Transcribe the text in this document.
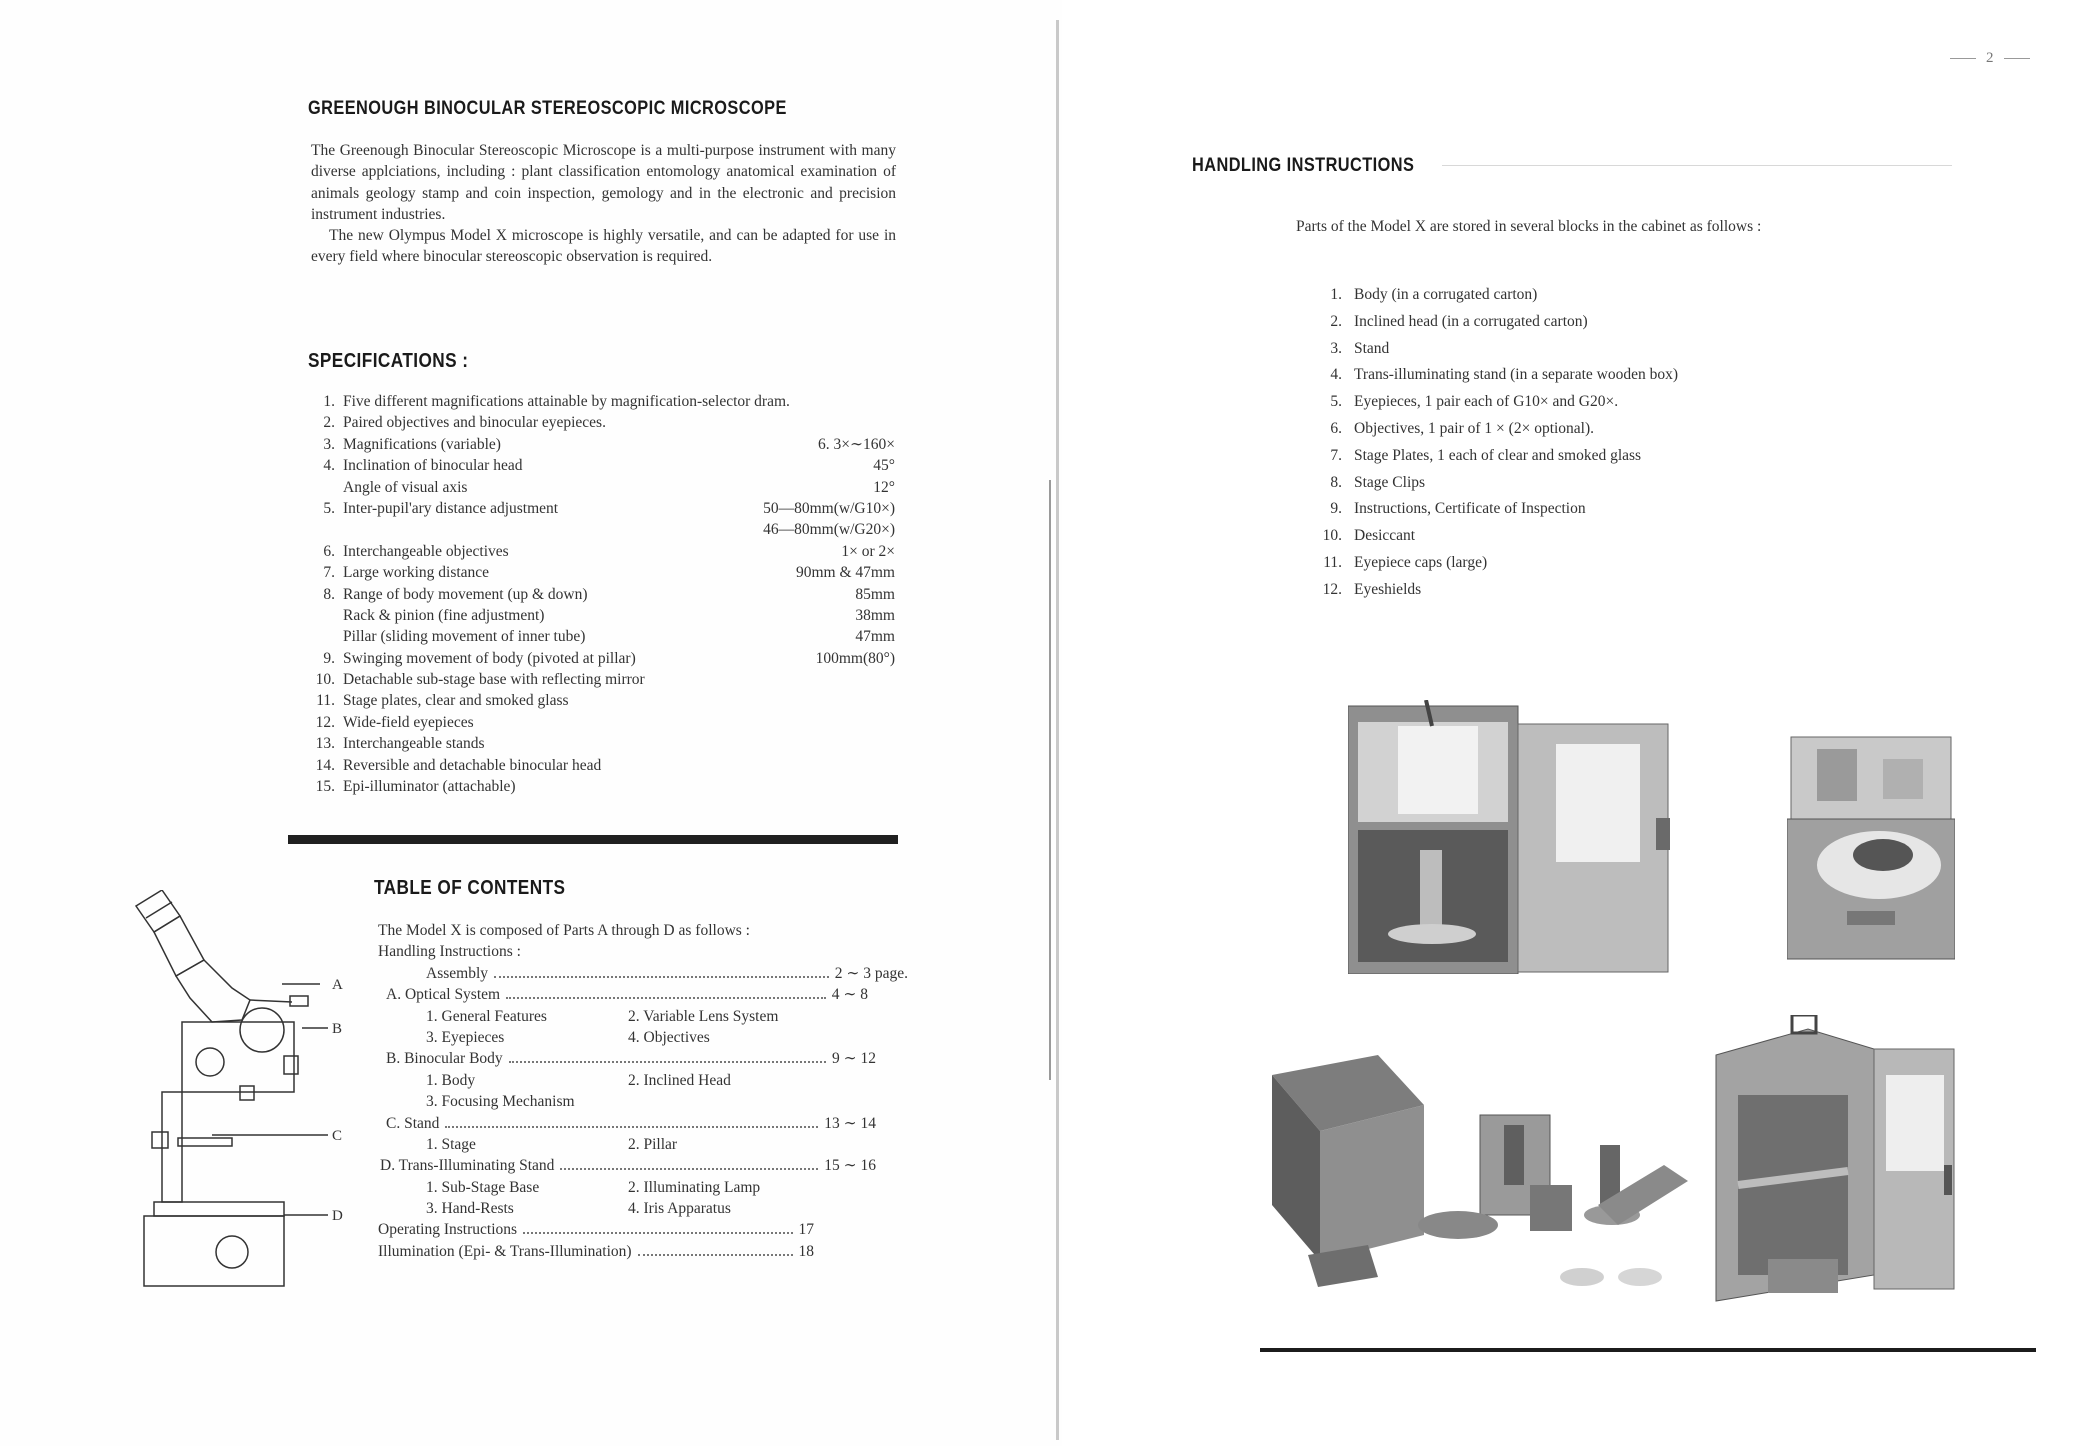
GREENOUGH BINOCULAR STEREOSCOPIC MICROSCOPE

The Greenough Binocular Stereoscopic Microscope is a multi-purpose instrument with many diverse applciations, including : plant classification entomology anatomical examination of animals geology stamp and coin inspection, gemology and in the electronic and precision instrument industries.

The new Olympus Model X microscope is highly versatile, and can be adapted for use in every field where binocular stereoscopic observation is required.

SPECIFICATIONS :
1. Five different magnifications attainable by magnification-selector dram.
2. Paired objectives and binocular eyepieces.
3. Magnifications (variable)	6. 3×∼160×
4. Inclination of binocular head	45°
Angle of visual axis	12°
5. Inter-pupil'ary distance adjustment	50—80mm(w/G10×)
46—80mm(w/G20×)
6. Interchangeable objectives	1× or 2×
7. Large working distance	90mm & 47mm
8. Range of body movement (up & down)	85mm
Rack & pinion (fine adjustment)	38mm
Pillar (sliding movement of inner tube)	47mm
9. Swinging movement of body (pivoted at pillar)	100mm(80°)
10. Detachable sub-stage base with reflecting mirror
11. Stage plates, clear and smoked glass
12. Wide-field eyepieces
13. Interchangeable stands
14. Reversible and detachable binocular head
15. Epi-illuminator (attachable)
TABLE OF CONTENTS
The Model X is composed of Parts A through D as follows :
Handling Instructions :
Assembly	2 ∼ 3 page.
A. Optical System	4 ∼ 8
1. General Features	2. Variable Lens System
3. Eyepieces	4. Objectives
B. Binocular Body	9 ∼ 12
1. Body	2. Inclined Head
3. Focusing Mechanism
C. Stand	13 ∼ 14
1. Stage	2. Pillar
D. Trans-Illuminating Stand	15 ∼ 16
1. Sub-Stage Base	2. Illuminating Lamp
3. Hand-Rests	4. Iris Apparatus
Operating Instructions	17
Illumination (Epi- & Trans-Illumination)	18
A
B
C
D
2
HANDLING INSTRUCTIONS
Parts of the Model X are stored in several blocks in the cabinet as follows :
1. Body (in a corrugated carton)
2. Inclined head (in a corrugated carton)
3. Stand
4. Trans-illuminating stand (in a separate wooden box)
5. Eyepieces, 1 pair each of G10× and G20×.
6. Objectives, 1 pair of 1 × (2× optional).
7. Stage Plates, 1 each of clear and smoked glass
8. Stage Clips
9. Instructions, Certificate of Inspection
10. Desiccant
11. Eyepiece caps (large)
12. Eyeshields
